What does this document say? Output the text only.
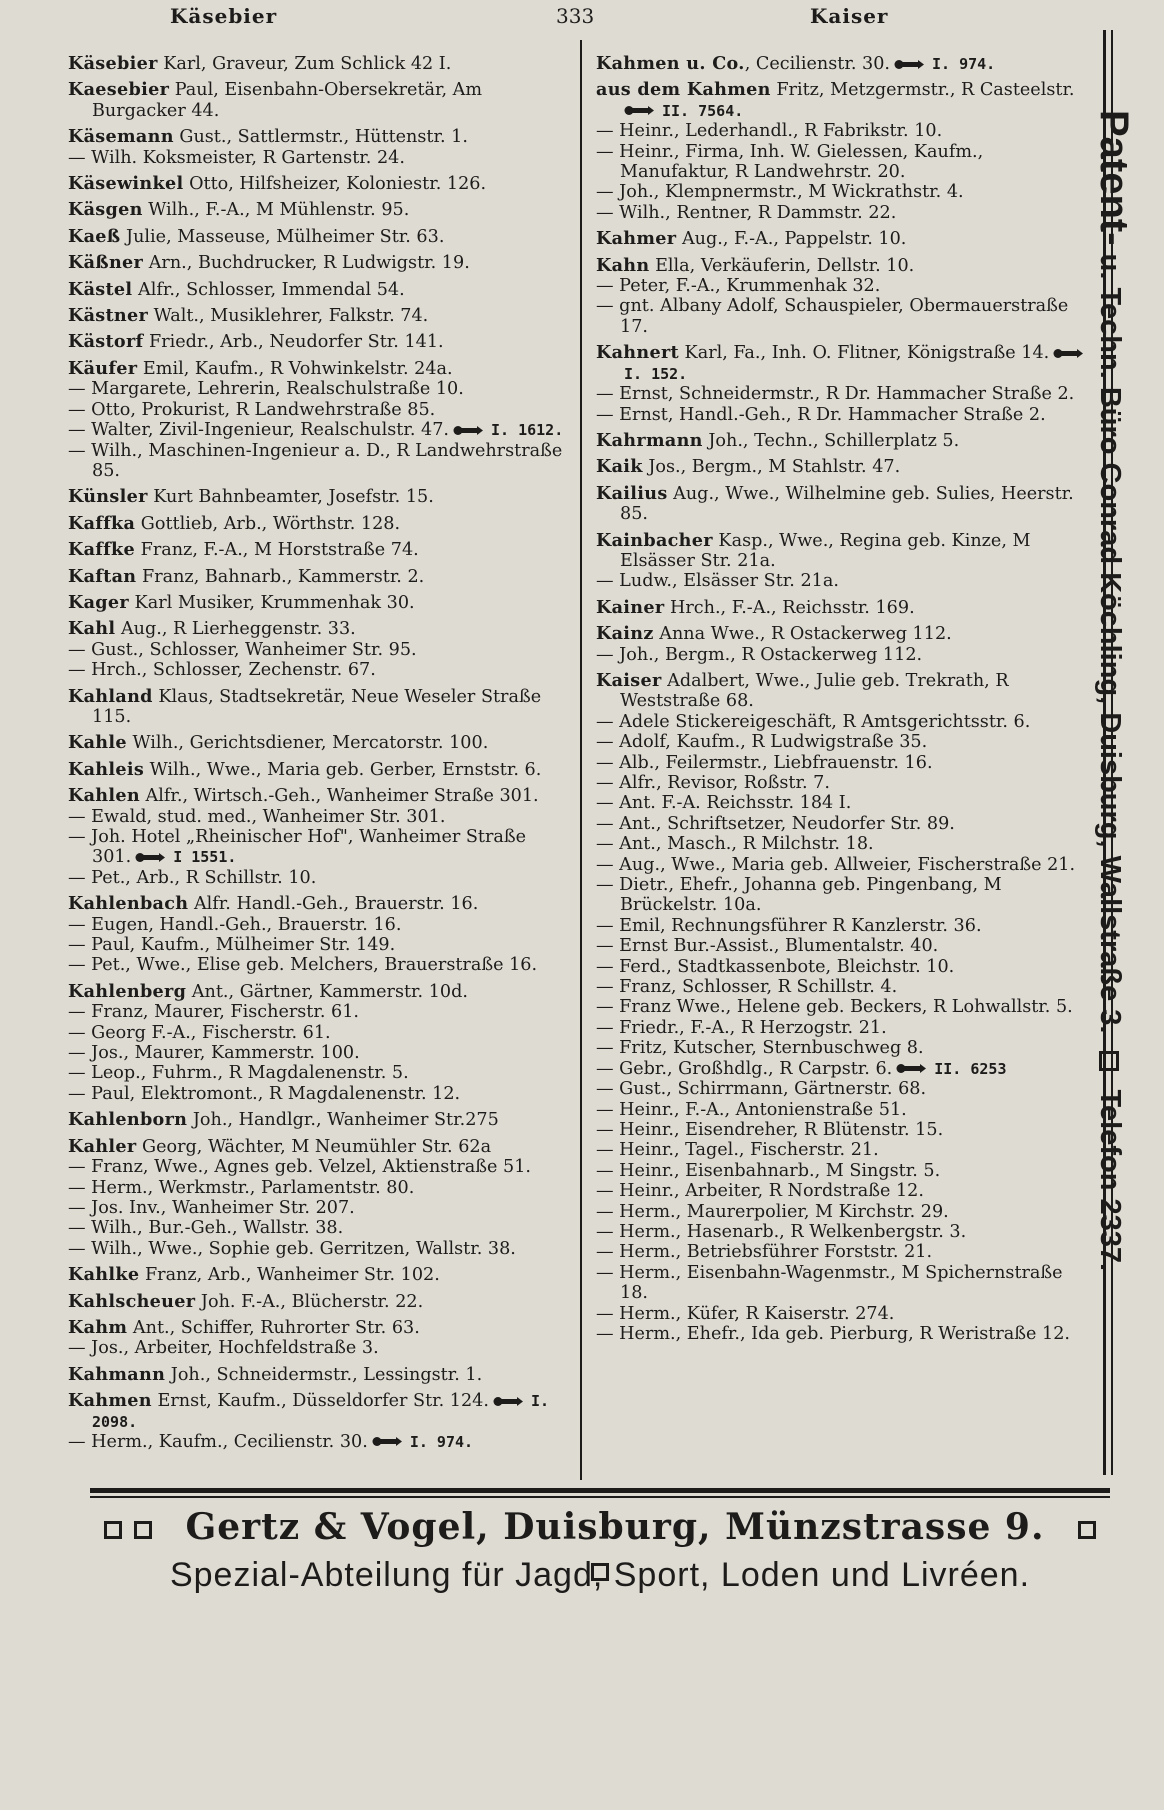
Käsebier	333	Kaiser

Käsebier Karl, Graveur, Zum Schlick 42 I.

Kaesebier Paul, Eisenbahn-Obersekretär, Am Burgacker 44.

Käsemann Gust., Sattlermstr., Hüttenstr. 1.

— Wilh. Koksmeister, R Gartenstr. 24.

Käsewinkel Otto, Hilfsheizer, Koloniestr. 126.

Käsgen Wilh., F.-A., M Mühlenstr. 95.

Kaeß Julie, Masseuse, Mülheimer Str. 63.

Käßner Arn., Buchdrucker, R Ludwigstr. 19.

Kästel Alfr., Schlosser, Immendal 54.

Kästner Walt., Musiklehrer, Falkstr. 74.

Kästorf Friedr., Arb., Neudorfer Str. 141.

Käufer Emil, Kaufm., R Vohwinkelstr. 24a.

— Margarete, Lehrerin, Realschulstraße 10.

— Otto, Prokurist, R Landwehrstraße 85.

— Walter, Zivil-Ingenieur, Realschulstr. 47.	I. 1612.

— Wilh., Maschinen-Ingenieur a. D., R Landwehrstraße 85.

Künsler Kurt Bahnbeamter, Josefstr. 15.

Kaffka Gottlieb, Arb., Wörthstr. 128.

Kaffke Franz, F.-A., M Horststraße 74.

Kaftan Franz, Bahnarb., Kammerstr. 2.

Kager Karl Musiker, Krummenhak 30.

Kahl Aug., R Lierheggenstr. 33.

— Gust., Schlosser, Wanheimer Str. 95.

— Hrch., Schlosser, Zechenstr. 67.

Kahland Klaus, Stadtsekretär, Neue Weseler Straße 115.

Kahle Wilh., Gerichtsdiener, Mercatorstr. 100.

Kahleis Wilh., Wwe., Maria geb. Gerber, Ernststr. 6.

Kahlen Alfr., Wirtsch.-Geh., Wanheimer Straße 301.

— Ewald, stud. med., Wanheimer Str. 301.

— Joh. Hotel „Rheinischer Hof", Wanheimer Straße 301.	I 1551.

— Pet., Arb., R Schillstr. 10.

Kahlenbach Alfr. Handl.-Geh., Brauerstr. 16.

— Eugen, Handl.-Geh., Brauerstr. 16.

— Paul, Kaufm., Mülheimer Str. 149.

— Pet., Wwe., Elise geb. Melchers, Brauerstraße 16.

Kahlenberg Ant., Gärtner, Kammerstr. 10d.

— Franz, Maurer, Fischerstr. 61.

— Georg F.-A., Fischerstr. 61.

— Jos., Maurer, Kammerstr. 100.

— Leop., Fuhrm., R Magdalenenstr. 5.

— Paul, Elektromont., R Magdalenenstr. 12.

Kahlenborn Joh., Handlgr., Wanheimer Str.275

Kahler Georg, Wächter, M Neumühler Str. 62a

— Franz, Wwe., Agnes geb. Velzel, Aktienstraße 51.

— Herm., Werkmstr., Parlamentstr. 80.

— Jos. Inv., Wanheimer Str. 207.

— Wilh., Bur.-Geh., Wallstr. 38.

— Wilh., Wwe., Sophie geb. Gerritzen, Wallstr. 38.

Kahlke Franz, Arb., Wanheimer Str. 102.

Kahlscheuer Joh. F.-A., Blücherstr. 22.

Kahm Ant., Schiffer, Ruhrorter Str. 63.

— Jos., Arbeiter, Hochfeldstraße 3.

Kahmann Joh., Schneidermstr., Lessingstr. 1.

Kahmen Ernst, Kaufm., Düsseldorfer Str. 124.	I. 2098.

— Herm., Kaufm., Cecilienstr. 30.	I. 974.

Kahmen u. Co., Cecilienstr. 30.	I. 974.

aus dem Kahmen Fritz, Metzgermstr., R Casteelstr.II. 7564.

— Heinr., Lederhandl., R Fabrikstr. 10.

— Heinr., Firma, Inh. W. Gielessen, Kaufm., Manufaktur, R Landwehrstr. 20.

— Joh., Klempnermstr., M Wickrathstr. 4.

— Wilh., Rentner, R Dammstr. 22.

Kahmer Aug., F.-A., Pappelstr. 10.

Kahn Ella, Verkäuferin, Dellstr. 10.

— Peter, F.-A., Krummenhak 32.

— gnt. Albany Adolf, Schauspieler, Obermauerstraße 17.

Kahnert Karl, Fa., Inh. O. Flitner, Königstraße 14.I. 152.

— Ernst, Schneidermstr., R Dr. Hammacher Straße 2.

— Ernst, Handl.-Geh., R Dr. Hammacher Straße 2.

Kahrmann Joh., Techn., Schillerplatz 5.

Kaik Jos., Bergm., M Stahlstr. 47.

Kailius Aug., Wwe., Wilhelmine geb. Sulies, Heerstr. 85.

Kainbacher Kasp., Wwe., Regina geb. Kinze, M Elsässer Str. 21a.

— Ludw., Elsässer Str. 21a.

Kainer Hrch., F.-A., Reichsstr. 169.

Kainz Anna Wwe., R Ostackerweg 112.

— Joh., Bergm., R Ostackerweg 112.

Kaiser Adalbert, Wwe., Julie geb. Trekrath, R Weststraße 68.

— Adele Stickereigeschäft, R Amtsgerichtsstr. 6.

— Adolf, Kaufm., R Ludwigstraße 35.

— Alb., Feilermstr., Liebfrauenstr. 16.

— Alfr., Revisor, Roßstr. 7.

— Ant. F.-A. Reichsstr. 184 I.

— Ant., Schriftsetzer, Neudorfer Str. 89.

— Ant., Masch., R Milchstr. 18.

— Aug., Wwe., Maria geb. Allweier, Fischerstraße 21.

— Dietr., Ehefr., Johanna geb. Pingenbang, M Brückelstr. 10a.

— Emil, Rechnungsführer R Kanzlerstr. 36.

— Ernst Bur.-Assist., Blumentalstr. 40.

— Ferd., Stadtkassenbote, Bleichstr. 10.

— Franz, Schlosser, R Schillstr. 4.

— Franz Wwe., Helene geb. Beckers, R Lohwallstr. 5.

— Friedr., F.-A., R Herzogstr. 21.

— Fritz, Kutscher, Sternbuschweg 8.

— Gebr., Großhdlg., R Carpstr. 6.	II. 6253

— Gust., Schirrmann, Gärtnerstr. 68.

— Heinr., F.-A., Antonienstraße 51.

— Heinr., Eisendreher, R Blütenstr. 15.

— Heinr., Tagel., Fischerstr. 21.

— Heinr., Eisenbahnarb., M Singstr. 5.

— Heinr., Arbeiter, R Nordstraße 12.

— Herm., Maurerpolier, M Kirchstr. 29.

— Herm., Hasenarb., R Welkenbergstr. 3.

— Herm., Betriebsführer Forststr. 21.

— Herm., Eisenbahn-Wagenmstr., M Spichernstraße 18.

— Herm., Küfer, R Kaiserstr. 274.

— Herm., Ehefr., Ida geb. Pierburg, R Weristraße 12.

Patent- u. Techn. Büro Conrad Köchling, Duisburg, Wallstraße 3.Telefon 2337.
Gertz & Vogel, Duisburg, Münzstrasse 9.
Spezial-Abteilung für Jagd, Sport, Loden und Livréen.
